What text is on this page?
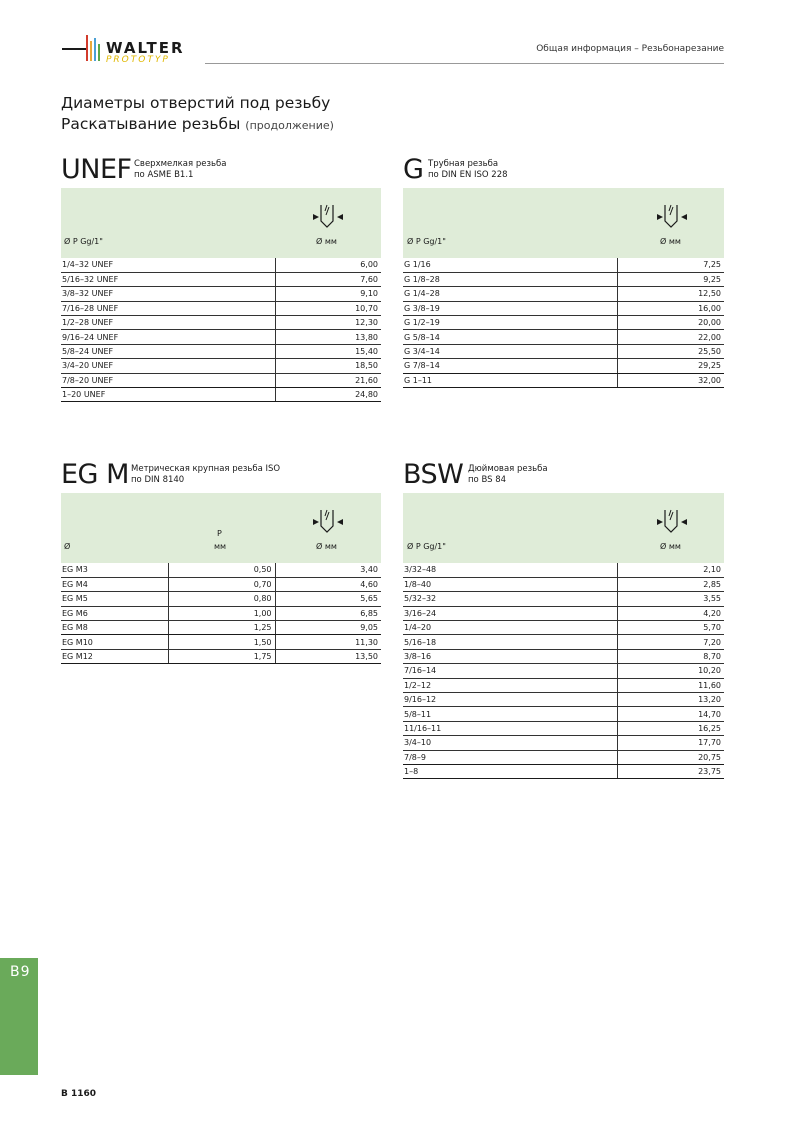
WALTER
PROTOTYP
Общая информация – Резьбонарезание
Диаметры отверстий под резьбу
Раскатывание резьбы (продолжение)
UNEF Сверхмелкая резьба
по ASME B1.1
Ø P Gg/1"	Ø мм
1/4–32 UNEF	6,00
5/16–32 UNEF	7,60
3/8–32 UNEF	9,10
7/16–28 UNEF	10,70
1/2–28 UNEF	12,30
9/16–24 UNEF	13,80
5/8–24 UNEF	15,40
3/4–20 UNEF	18,50
7/8–20 UNEF	21,60
1–20 UNEF	24,80
G Трубная резьба
по DIN EN ISO 228
Ø P Gg/1"	Ø мм
G 1/16	7,25
G 1/8–28	9,25
G 1/4–28	12,50
G 3/8–19	16,00
G 1/2–19	20,00
G 5/8–14	22,00
G 3/4–14	25,50
G 7/8–14	29,25
G 1–11	32,00
EG M Метрическая крупная резьба ISO
по DIN 8140
Ø
P
мм	Ø мм
EG M3	0,50	3,40
EG M4	0,70	4,60
EG M5	0,80	5,65
EG M6	1,00	6,85
EG M8	1,25	9,05
EG M10	1,50	11,30
EG M12	1,75	13,50
BSW Дюймовая резьба
по BS 84
Ø P Gg/1"	Ø мм
3/32–48	2,10
1/8–40	2,85
5/32–32	3,55
3/16–24	4,20
1/4–20	5,70
5/16–18	7,20
3/8–16	8,70
7/16–14	10,20
1/2–12	11,60
9/16–12	13,20
5/8–11	14,70
11/16–11	16,25
3/4–10	17,70
7/8–9	20,75
1–8	23,75
B9
B 1160
